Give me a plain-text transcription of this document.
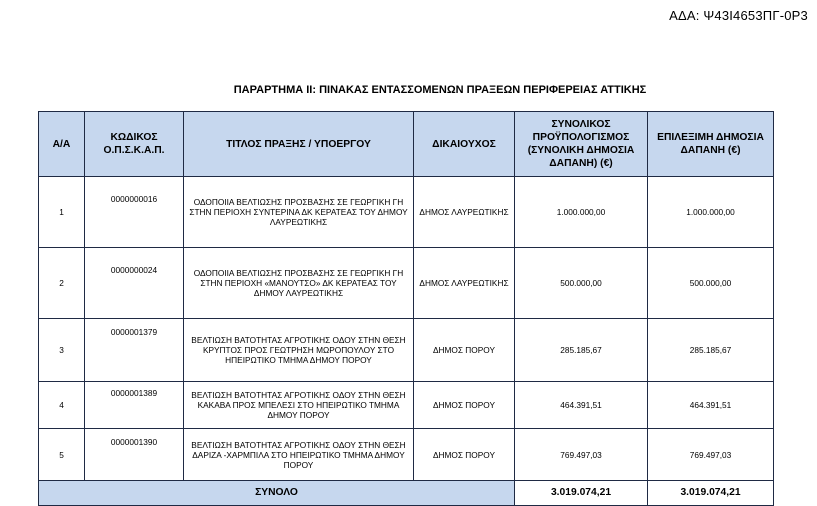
ΑΔΑ: Ψ43Ι4653ΠΓ-0Ρ3
ΠΑΡΑΡΤΗΜΑ II: ΠΙΝΑΚΑΣ ΕΝΤΑΣΣΟΜΕΝΩΝ ΠΡΑΞΕΩΝ ΠΕΡΙΦΕΡΕΙΑΣ ΑΤΤΙΚΗΣ
Α/Α	ΚΩΔΙΚΟΣ Ο.Π.Σ.Κ.Α.Π.	ΤΙΤΛΟΣ ΠΡΑΞΗΣ / ΥΠΟΕΡΓΟΥ	ΔΙΚΑΙΟΥΧΟΣ	ΣΥΝΟΛΙΚΟΣ ΠΡΟΫΠΟΛΟΓΙΣΜΟΣ (ΣΥΝΟΛΙΚΗ ΔΗΜΟΣΙΑ ΔΑΠΑΝΗ) (€)	ΕΠΙΛΕΞΙΜΗ ΔΗΜΟΣΙΑ ΔΑΠΑΝΗ (€)
1	0000000016	ΟΔΟΠΟΙΙΑ ΒΕΛΤΙΩΣΗΣ ΠΡΟΣΒΑΣΗΣ ΣΕ ΓΕΩΡΓΙΚΗ ΓΗ ΣΤΗΝ ΠΕΡΙΟΧΗ ΣΥΝΤΕΡΙΝΑ ΔΚ ΚΕΡΑΤΕΑΣ ΤΟΥ ΔΗΜΟΥ ΛΑΥΡΕΩΤΙΚΗΣ	ΔΗΜΟΣ ΛΑΥΡΕΩΤΙΚΗΣ	1.000.000,00	1.000.000,00
2	0000000024	ΟΔΟΠΟΙΙΑ ΒΕΛΤΙΩΣΗΣ ΠΡΟΣΒΑΣΗΣ ΣΕ ΓΕΩΡΓΙΚΗ ΓΗ ΣΤΗΝ ΠΕΡΙΟΧΗ «ΜΑΝΟΥΤΣΟ» ΔΚ ΚΕΡΑΤΕΑΣ ΤΟΥ ΔΗΜΟΥ ΛΑΥΡΕΩΤΙΚΗΣ	ΔΗΜΟΣ ΛΑΥΡΕΩΤΙΚΗΣ	500.000,00	500.000,00
3	0000001379	ΒΕΛΤΙΩΣΗ ΒΑΤΟΤΗΤΑΣ ΑΓΡΟΤΙΚΗΣ ΟΔΟΥ ΣΤΗΝ ΘΕΣΗ ΚΡΥΠΤΟΣ ΠΡΟΣ ΓΕΩΤΡΗΣΗ ΜΩΡΟΠΟΥΛΟΥ ΣΤΟ ΗΠΕΙΡΩΤΙΚΟ ΤΜΗΜΑ ΔΗΜΟΥ ΠΟΡΟΥ	ΔΗΜΟΣ ΠΟΡΟΥ	285.185,67	285.185,67
4	0000001389	ΒΕΛΤΙΩΣΗ ΒΑΤΟΤΗΤΑΣ ΑΓΡΟΤΙΚΗΣ ΟΔΟΥ ΣΤΗΝ ΘΕΣΗ ΚΑΚΑΒΑ ΠΡΟΣ ΜΠΕΛΕΣΙ ΣΤΟ ΗΠΕΙΡΩΤΙΚΟ ΤΜΗΜΑ ΔΗΜΟΥ ΠΟΡΟΥ	ΔΗΜΟΣ ΠΟΡΟΥ	464.391,51	464.391,51
5	0000001390	ΒΕΛΤΙΩΣΗ ΒΑΤΟΤΗΤΑΣ ΑΓΡΟΤΙΚΗΣ ΟΔΟΥ ΣΤΗΝ ΘΕΣΗ ΔΑΡΙΖΑ -ΧΑΡΜΠΙΛΑ ΣΤΟ ΗΠΕΙΡΩΤΙΚΟ ΤΜΗΜΑ ΔΗΜΟΥ ΠΟΡΟΥ	ΔΗΜΟΣ ΠΟΡΟΥ	769.497,03	769.497,03
ΣΥΝΟΛΟ				3.019.074,21	3.019.074,21
